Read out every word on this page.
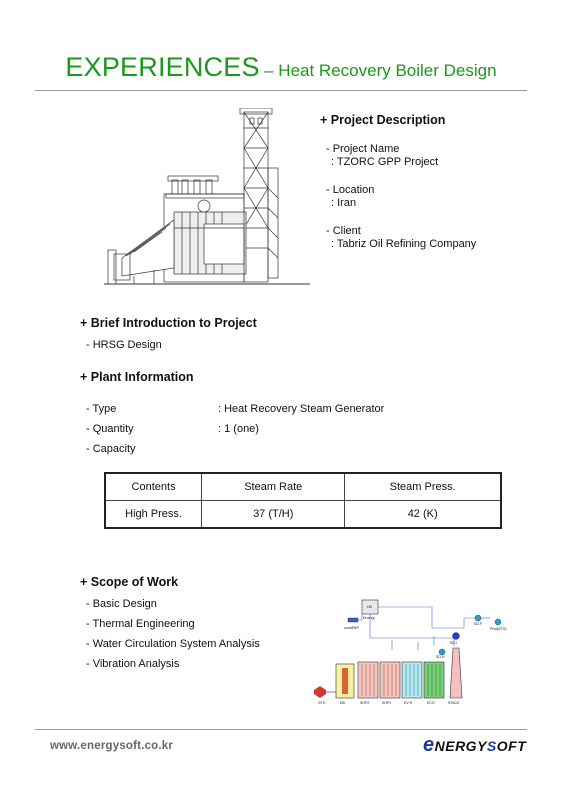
EXPERIENCES – Heat Recovery Boiler Design
+ Project Description
- Project Name
: TZORC GPP Project
- Location
: Iran
- Client
: Tabriz Oil Refining Company
+ Brief Introduction to Project
- HRSG Design
+ Plant Information
- Type	: Heat Recovery Steam Generator
- Quantity	: 1 (one)
- Capacity
Contents	Steam Rate	Steam Press.
High Press.	37 (T/H)	42 (K)
+ Scope of Work
- Basic Design
- Thermal Engineering
- Water Circulation System Analysis
- Vibration Analysis
HD
Drum(p
condENP
SD-F
Prod(STS)
SD-I
SD-H
GTO	DB	SHP2	SHP1	EV H	ECO	STACK
www.energysoft.co.kr	eNERGYSOFT
